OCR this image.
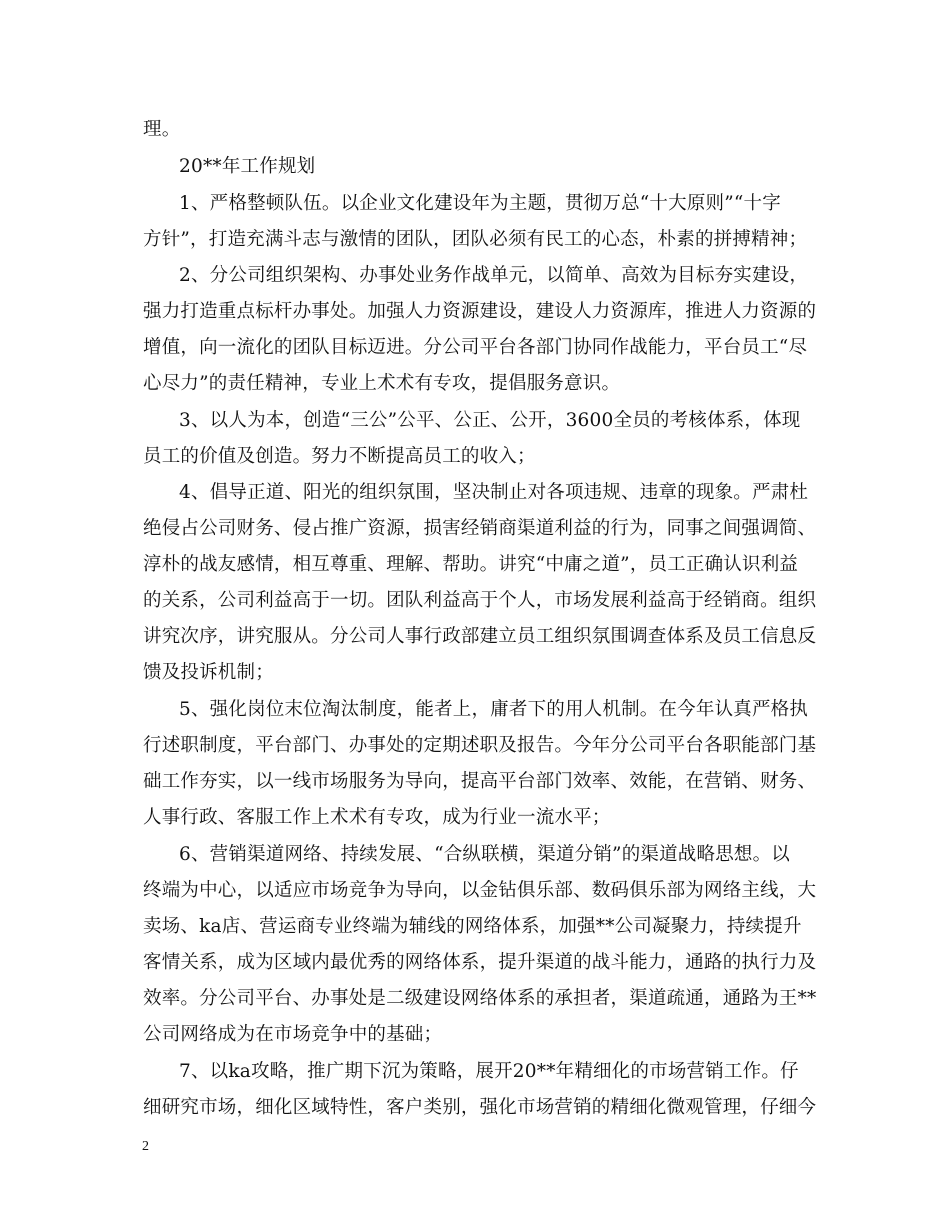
理。
20**年工作规划
1、严格整顿队伍。以企业文化建设年为主题，贯彻万总“十大原则”“十字
方针”，打造充满斗志与激情的团队，团队必须有民工的心态，朴素的拼搏精神；
2、分公司组织架构、办事处业务作战单元，以简单、高效为目标夯实建设，
强力打造重点标杆办事处。加强人力资源建设，建设人力资源库，推进人力资源的
增值，向一流化的团队目标迈进。分公司平台各部门协同作战能力，平台员工“尽
心尽力”的责任精神，专业上术术有专攻，提倡服务意识。
3、以人为本，创造“三公”公平、公正、公开，3600全员的考核体系，体现
员工的价值及创造。努力不断提高员工的收入；
4、倡导正道、阳光的组织氛围，坚决制止对各项违规、违章的现象。严肃杜
绝侵占公司财务、侵占推广资源，损害经销商渠道利益的行为，同事之间强调简、
淳朴的战友感情，相互尊重、理解、帮助。讲究“中庸之道”，员工正确认识利益
的关系，公司利益高于一切。团队利益高于个人，市场发展利益高于经销商。组织
讲究次序，讲究服从。分公司人事行政部建立员工组织氛围调查体系及员工信息反
馈及投诉机制；
5、强化岗位末位淘汰制度，能者上，庸者下的用人机制。在今年认真严格执
行述职制度，平台部门、办事处的定期述职及报告。今年分公司平台各职能部门基
础工作夯实，以一线市场服务为导向，提高平台部门效率、效能，在营销、财务、
人事行政、客服工作上术术有专攻，成为行业一流水平；
6、营销渠道网络、持续发展、“合纵联横，渠道分销”的渠道战略思想。以
终端为中心，以适应市场竞争为导向，以金钻俱乐部、数码俱乐部为网络主线，大
卖场、ka店、营运商专业终端为辅线的网络体系，加强**公司凝聚力，持续提升
客情关系，成为区域内最优秀的网络体系，提升渠道的战斗能力，通路的执行力及
效率。分公司平台、办事处是二级建设网络体系的承担者，渠道疏通，通路为王**
公司网络成为在市场竞争中的基础；
7、以ka攻略，推广期下沉为策略，展开20**年精细化的市场营销工作。仔
细研究市场，细化区域特性，客户类别，强化市场营销的精细化微观管理，仔细今
2
